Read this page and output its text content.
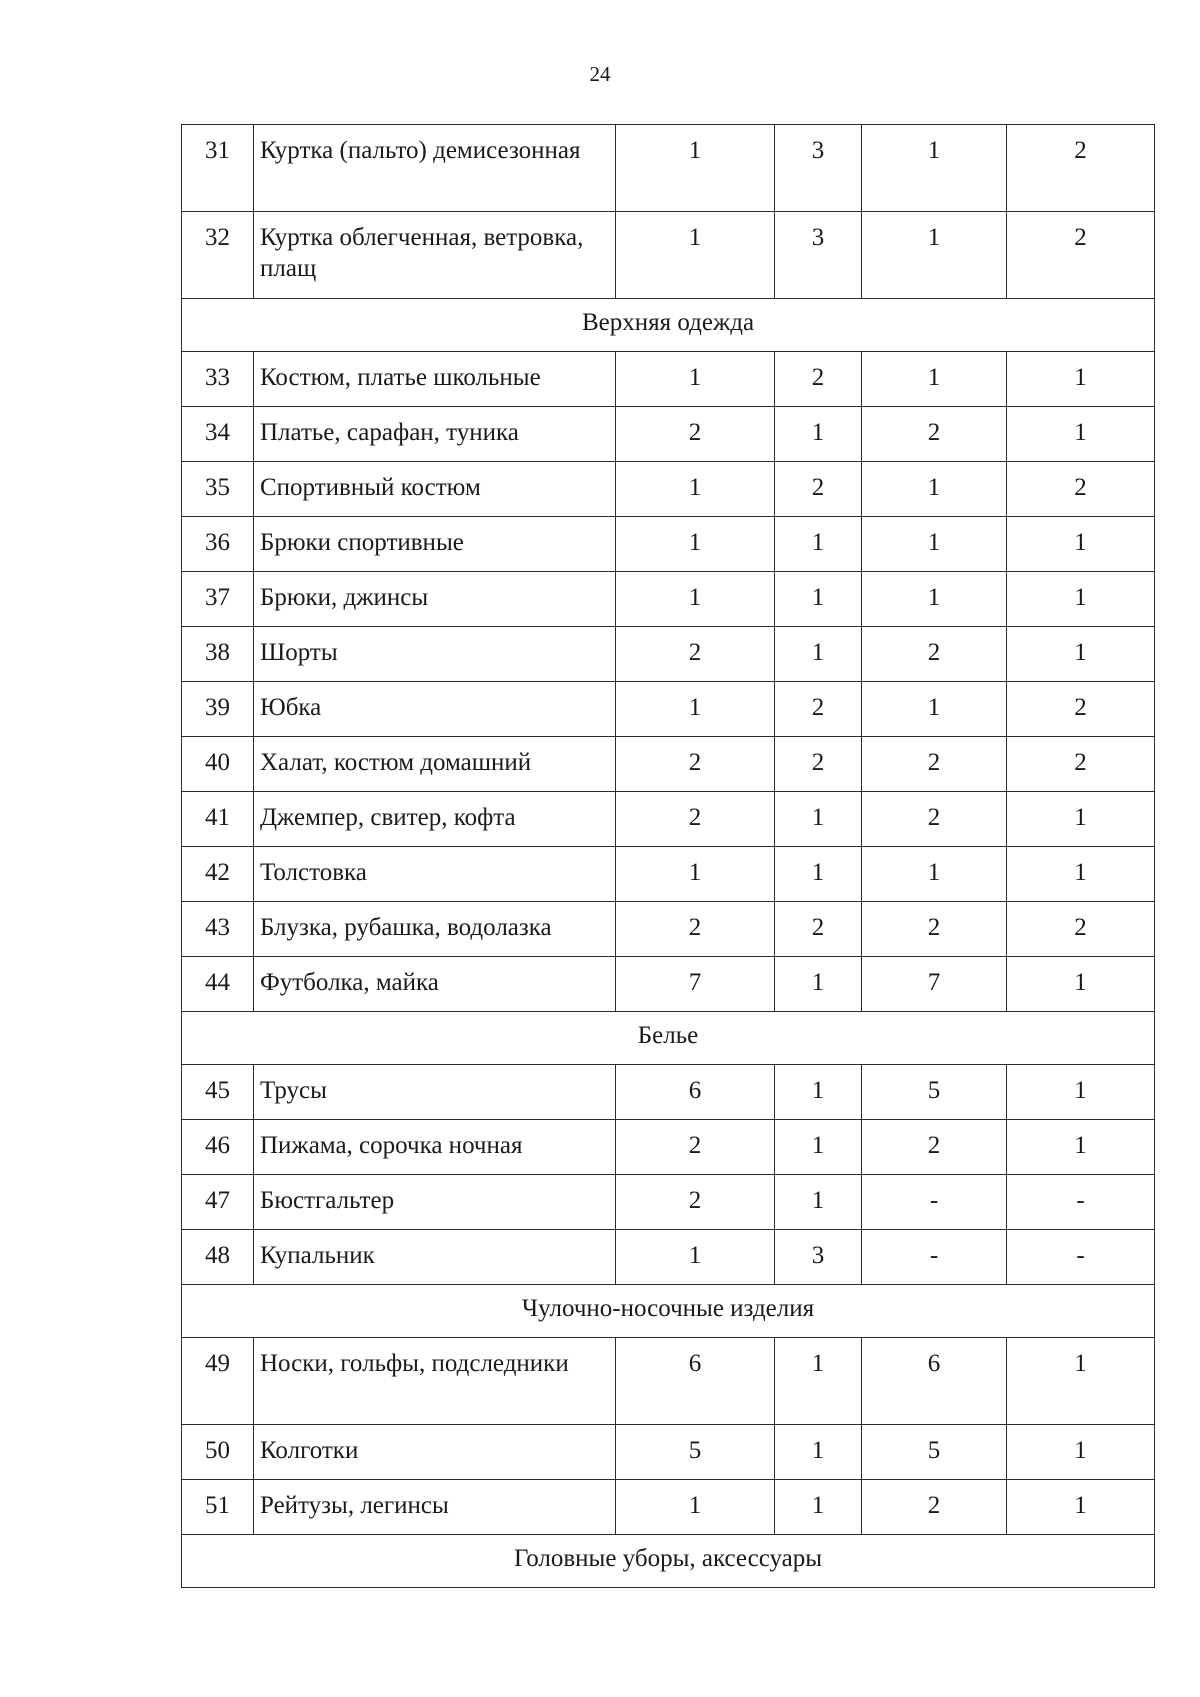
24
31	Куртка (пальто) демисезонная	1	3	1	2
32	Куртка облегченная, ветровка, плащ	1	3	1	2
Верхняя одежда					
33	Костюм, платье школьные	1	2	1	1
34	Платье, сарафан, туника	2	1	2	1
35	Спортивный костюм	1	2	1	2
36	Брюки спортивные	1	1	1	1
37	Брюки, джинсы	1	1	1	1
38	Шорты	2	1	2	1
39	Юбка	1	2	1	2
40	Халат, костюм домашний	2	2	2	2
41	Джемпер, свитер, кофта	2	1	2	1
42	Толстовка	1	1	1	1
43	Блузка, рубашка, водолазка	2	2	2	2
44	Футболка, майка	7	1	7	1
Белье					
45	Трусы	6	1	5	1
46	Пижама, сорочка ночная	2	1	2	1
47	Бюстгальтер	2	1	-	-
48	Купальник	1	3	-	-
Чулочно-носочные изделия					
49	Носки, гольфы, подследники	6	1	6	1
50	Колготки	5	1	5	1
51	Рейтузы, легинсы	1	1	2	1
Головные уборы, аксессуары					
